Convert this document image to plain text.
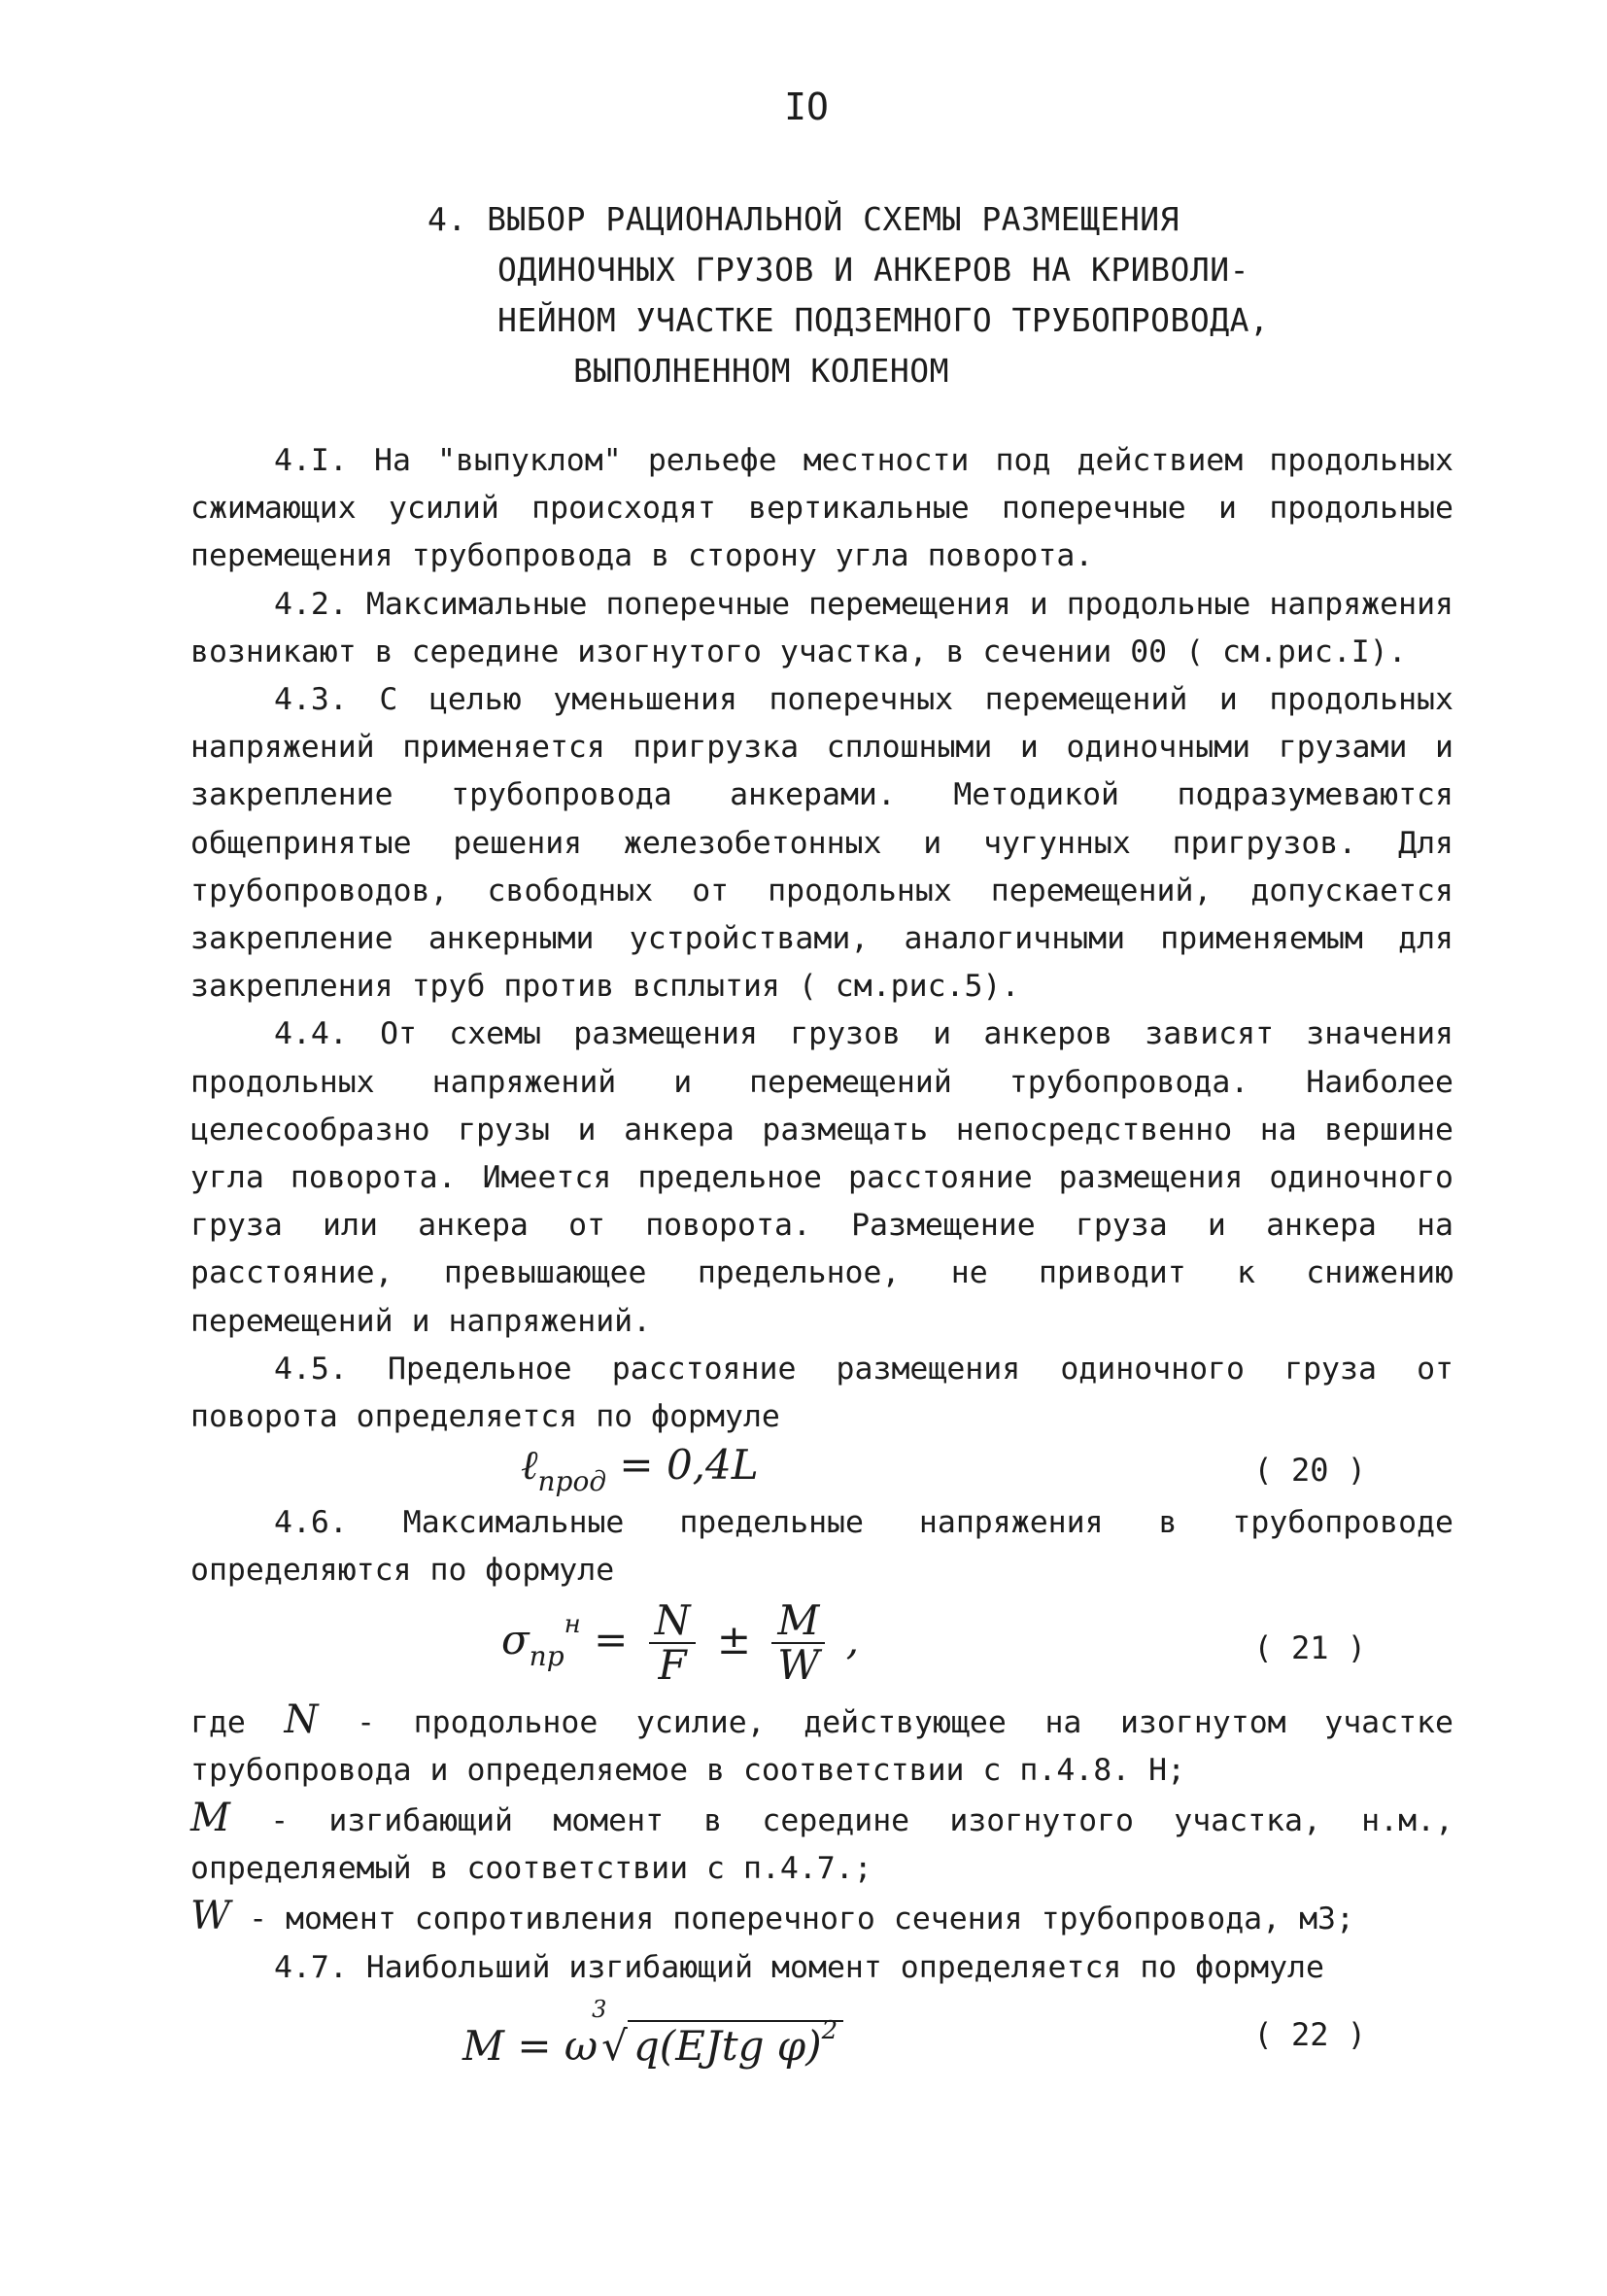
IO
4. ВЫБОР РАЦИОНАЛЬНОЙ СХЕМЫ РАЗМЕЩЕНИЯ
ОДИНОЧНЫХ ГРУЗОВ И АНКЕРОВ НА КРИВОЛИ-
НЕЙНОМ УЧАСТКЕ ПОДЗЕМНОГО ТРУБОПРОВОДА,
ВЫПОЛНЕННОМ КОЛЕНОМ

4.I. На "выпуклом" рельефе местности под действием продольных сжимающих усилий происходят вертикальные поперечные и продольные перемещения трубопровода в сторону угла поворота.

4.2. Максимальные поперечные перемещения и продольные напряжения возникают в середине изогнутого участка, в сечении 00 ( см.рис.I).

4.3. С целью уменьшения поперечных перемещений и продольных напряжений применяется пригрузка сплошными и одиночными грузами и закрепление трубопровода анкерами. Методикой подразумеваются общепринятые решения железобетонных и чугунных пригрузов. Для трубопроводов, свободных от продольных перемещений, допускается закрепление анкерными устройствами, аналогичными применяемым для закрепления труб против всплытия ( см.рис.5).

4.4. От схемы размещения грузов и анкеров зависят значения продольных напряжений и перемещений трубопровода. Наиболее целесообразно грузы и анкера размещать непосредственно на вершине угла поворота. Имеется предельное расстояние размещения одиночного груза или анкера от поворота. Размещение груза и анкера на расстояние, превышающее предельное, не приводит к снижению перемещений и напряжений.

4.5. Предельное расстояние размещения одиночного груза от поворота определяется по формуле

ℓ$_{прод}$ = 0,4L	( 20 )

4.6. Максимальные предельные напряжения в трубопроводе определяются по формуле

$\sigma_{пр}^н = \frac{N}{F} \pm \frac{M}{W}$ ,	( 21 )

где N - продольное усилие, действующее на изогнутом участке трубопровода и определяемое в соответствии с п.4.8. Н;

M - изгибающий момент в середине изогнутого участка, н.м., определяемый в соответствии с п.4.7.;

W - момент сопротивления поперечного сечения трубопровода, м3;

4.7. Наибольший изгибающий момент определяется по формуле

M = ω
3
√ q(EJtg φ)$^2$	( 22 )
